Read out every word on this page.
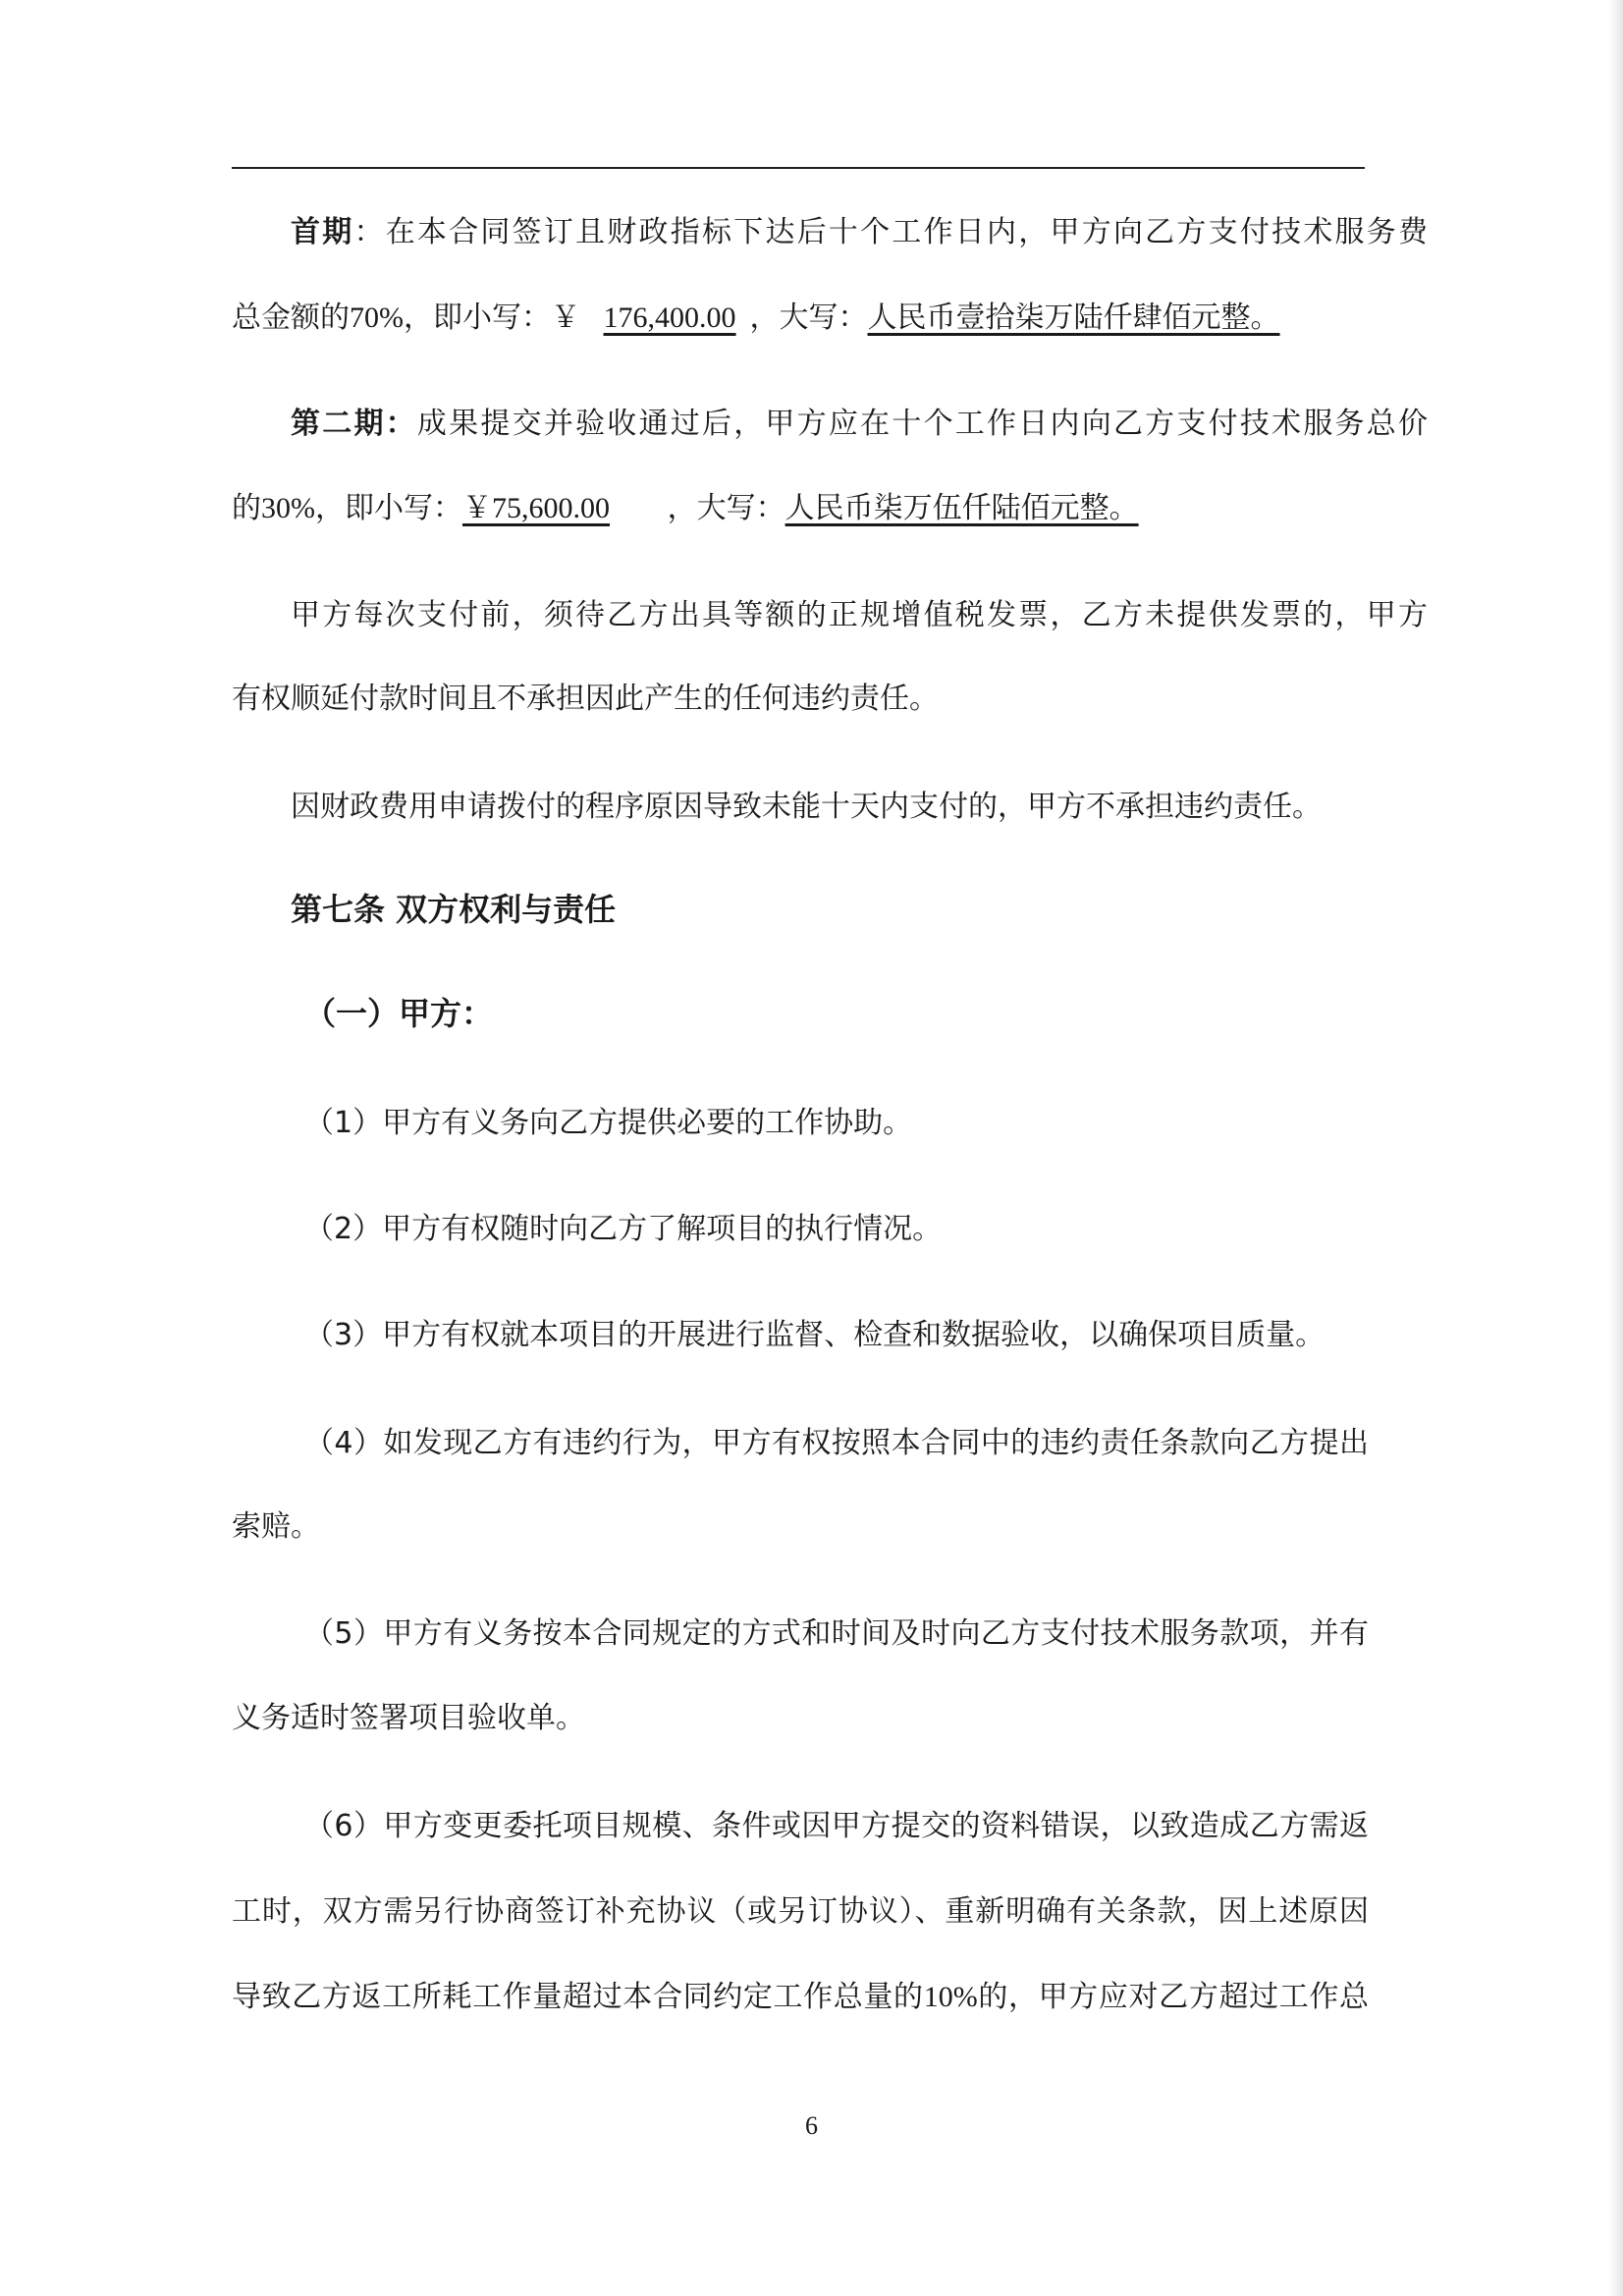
首期：在本合同签订且财政指标下达后十个工作日内，甲方向乙方支付技术服务费
总金额的70%，即小写：￥ 176,400.00 ，大写：人民币壹拾柒万陆仟肆佰元整。
第二期：成果提交并验收通过后，甲方应在十个工作日内向乙方支付技术服务总价
的30%，即小写：￥75,600.00 ，大写：人民币柒万伍仟陆佰元整。
甲方每次支付前，须待乙方出具等额的正规增值税发票，乙方未提供发票的，甲方
有权顺延付款时间且不承担因此产生的任何违约责任。
因财政费用申请拨付的程序原因导致未能十天内支付的，甲方不承担违约责任。
第七条 双方权利与责任
（一）甲方：
（1）甲方有义务向乙方提供必要的工作协助。
（2）甲方有权随时向乙方了解项目的执行情况。
（3）甲方有权就本项目的开展进行监督、检查和数据验收，以确保项目质量。
（4）如发现乙方有违约行为，甲方有权按照本合同中的违约责任条款向乙方提出
索赔。
（5）甲方有义务按本合同规定的方式和时间及时向乙方支付技术服务款项，并有
义务适时签署项目验收单。
（6）甲方变更委托项目规模、条件或因甲方提交的资料错误，以致造成乙方需返
工时，双方需另行协商签订补充协议（或另订协议）、重新明确有关条款，因上述原因
导致乙方返工所耗工作量超过本合同约定工作总量的10%的，甲方应对乙方超过工作总
6
